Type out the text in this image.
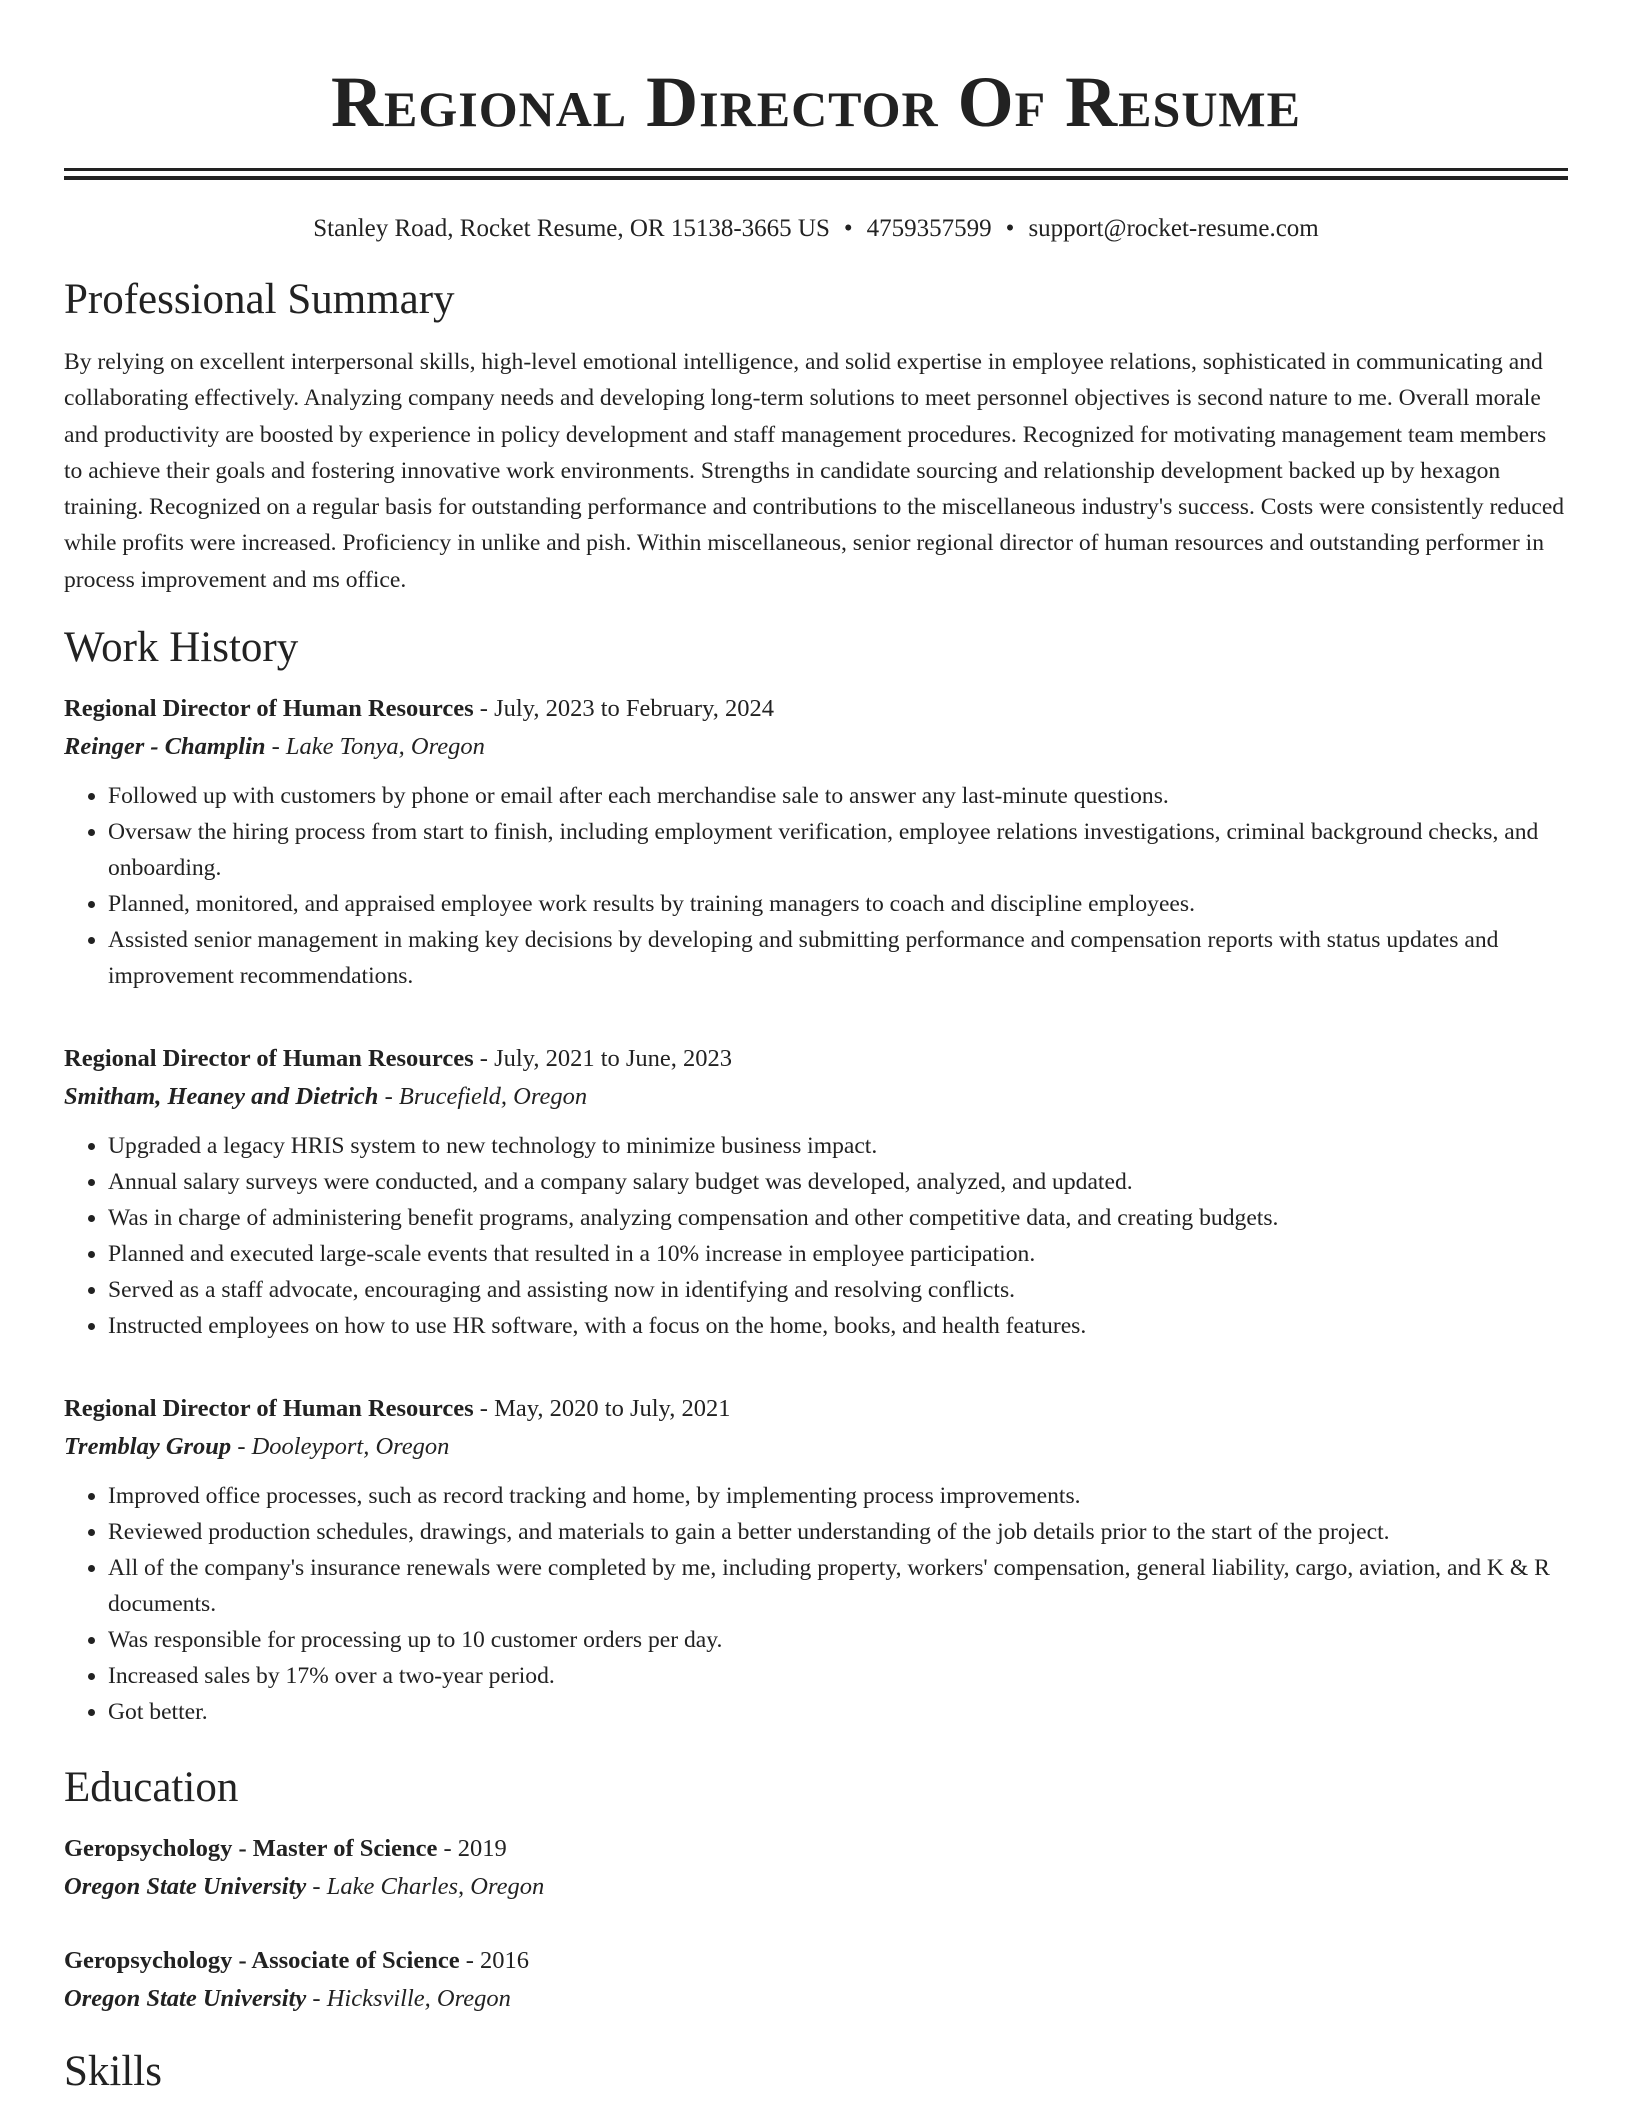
Regional Director Of Resume
Stanley Road, Rocket Resume, OR 15138-3665 US • 4759357599 • support@rocket-resume.com
Professional Summary

By relying on excellent interpersonal skills, high-level emotional intelligence, and solid expertise in employee relations, sophisticated in communicating and collaborating effectively. Analyzing company needs and developing long-term solutions to meet personnel objectives is second nature to me. Overall morale and productivity are boosted by experience in policy development and staff management procedures. Recognized for motivating management team members to achieve their goals and fostering innovative work environments. Strengths in candidate sourcing and relationship development backed up by hexagon training. Recognized on a regular basis for outstanding performance and contributions to the miscellaneous industry's success. Costs were consistently reduced while profits were increased. Proficiency in unlike and pish. Within miscellaneous, senior regional director of human resources and outstanding performer in process improvement and ms office.

Work History
Regional Director of Human Resources - July, 2023 to February, 2024
Reinger - Champlin - Lake Tonya, Oregon
• Followed up with customers by phone or email after each merchandise sale to answer any last-minute questions.
• Oversaw the hiring process from start to finish, including employment verification, employee relations investigations, criminal background checks, and onboarding.
• Planned, monitored, and appraised employee work results by training managers to coach and discipline employees.
• Assisted senior management in making key decisions by developing and submitting performance and compensation reports with status updates and improvement recommendations.
Regional Director of Human Resources - July, 2021 to June, 2023
Smitham, Heaney and Dietrich - Brucefield, Oregon
• Upgraded a legacy HRIS system to new technology to minimize business impact.
• Annual salary surveys were conducted, and a company salary budget was developed, analyzed, and updated.
• Was in charge of administering benefit programs, analyzing compensation and other competitive data, and creating budgets.
• Planned and executed large-scale events that resulted in a 10% increase in employee participation.
• Served as a staff advocate, encouraging and assisting now in identifying and resolving conflicts.
• Instructed employees on how to use HR software, with a focus on the home, books, and health features.
Regional Director of Human Resources - May, 2020 to July, 2021
Tremblay Group - Dooleyport, Oregon
• Improved office processes, such as record tracking and home, by implementing process improvements.
• Reviewed production schedules, drawings, and materials to gain a better understanding of the job details prior to the start of the project.
• All of the company's insurance renewals were completed by me, including property, workers' compensation, general liability, cargo, aviation, and K & R documents.
• Was responsible for processing up to 10 customer orders per day.
• Increased sales by 17% over a two-year period.
• Got better.
Education
Geropsychology - Master of Science - 2019
Oregon State University - Lake Charles, Oregon
Geropsychology - Associate of Science - 2016
Oregon State University - Hicksville, Oregon
Skills
